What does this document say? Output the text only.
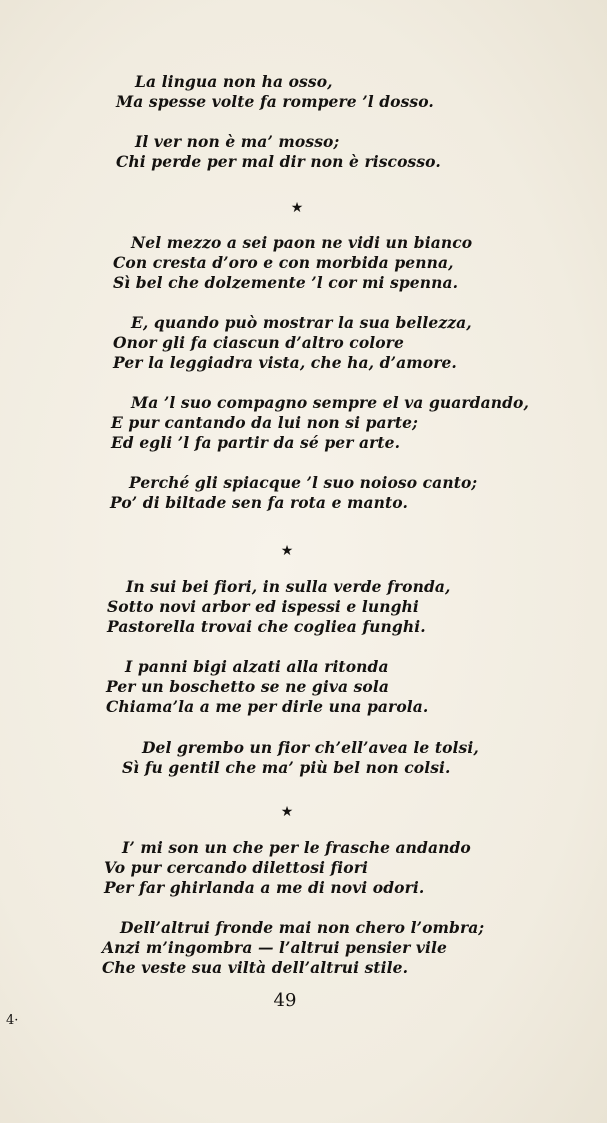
La lingua non ha osso,
Ma spesse volte fa rompere ’l dosso.
Il ver non è ma’ mosso;
Chi perde per mal dir non è riscosso.
★
Nel mezzo a sei paon ne vidi un bianco
Con cresta d’oro e con morbida penna,
Sì bel che dolzemente ’l cor mi spenna.
E, quando può mostrar la sua bellezza,
Onor gli fa ciascun d’altro colore
Per la leggiadra vista, che ha, d’amore.
Ma ’l suo compagno sempre el va guardando,
E pur cantando da lui non si parte;
Ed egli ’l fa partir da sé per arte.
Perché gli spiacque ’l suo noioso canto;
Po’ di biltade sen fa rota e manto.
★
In sui bei fiori, in sulla verde fronda,
Sotto novi arbor ed ispessi e lunghi
Pastorella trovai che cogliea funghi.
I panni bigi alzati alla ritonda
Per un boschetto se ne giva sola
Chiama’la a me per dirle una parola.
Del grembo un fior ch’ell’avea le tolsi,
Sì fu gentil che ma’ più bel non colsi.
★
I’ mi son un che per le frasche andando
Vo pur cercando dilettosi fiori
Per far ghirlanda a me di novi odori.
Dell’altrui fronde mai non chero l’ombra;
Anzi m’ingombra — l’altrui pensier vile
Che veste sua viltà dell’altrui stile.
49
4·
